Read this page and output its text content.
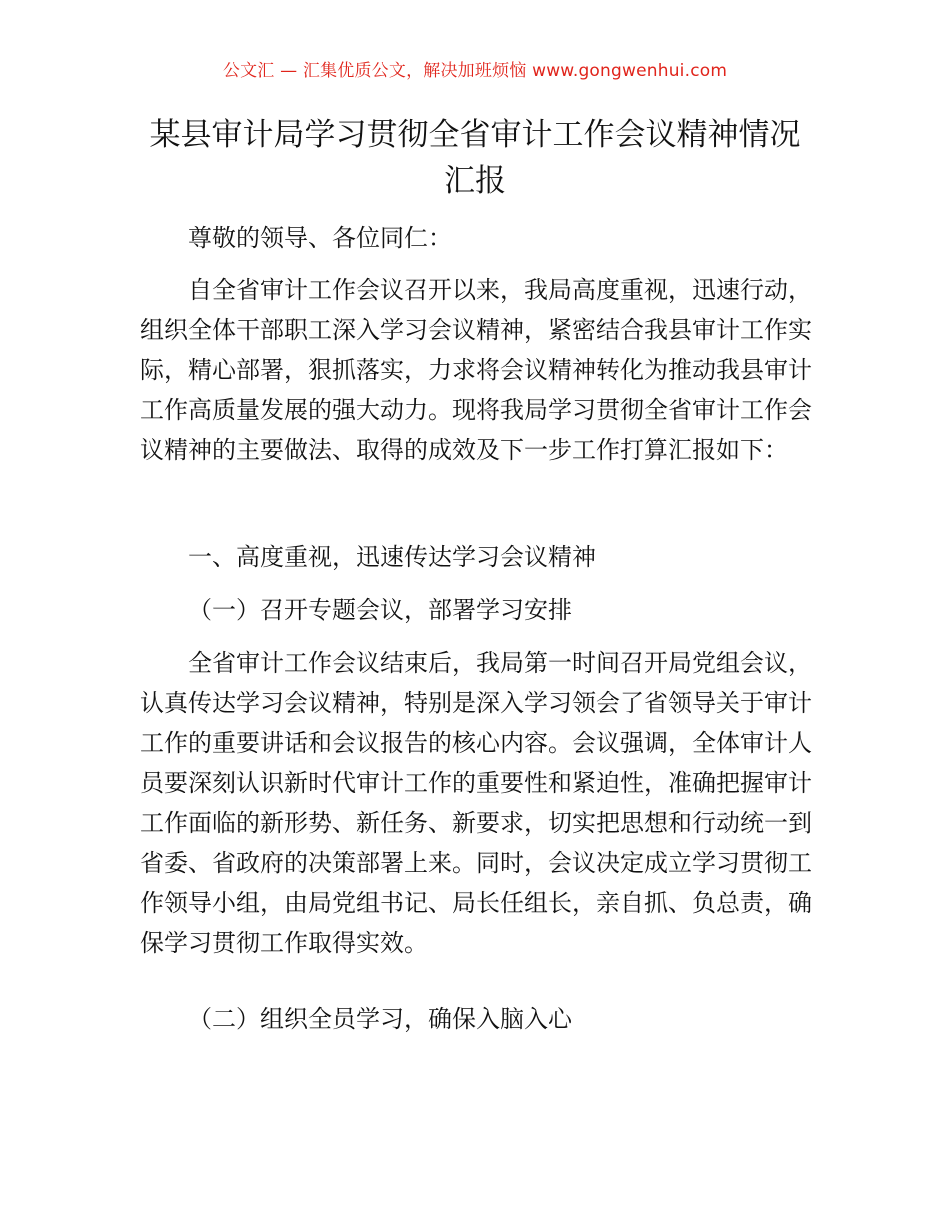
公文汇 — 汇集优质公文，解决加班烦恼 www.gongwenhui.com
某县审计局学习贯彻全省审计工作会议精神情况汇报

尊敬的领导、各位同仁：

自全省审计工作会议召开以来，我局高度重视，迅速行动，组织全体干部职工深入学习会议精神，紧密结合我县审计工作实际，精心部署，狠抓落实，力求将会议精神转化为推动我县审计工作高质量发展的强大动力。现将我局学习贯彻全省审计工作会议精神的主要做法、取得的成效及下一步工作打算汇报如下：

一、高度重视，迅速传达学习会议精神

（一）召开专题会议，部署学习安排

全省审计工作会议结束后，我局第一时间召开局党组会议，认真传达学习会议精神，特别是深入学习领会了省领导关于审计工作的重要讲话和会议报告的核心内容。会议强调，全体审计人员要深刻认识新时代审计工作的重要性和紧迫性，准确把握审计工作面临的新形势、新任务、新要求，切实把思想和行动统一到省委、省政府的决策部署上来。同时，会议决定成立学习贯彻工作领导小组，由局党组书记、局长任组长，亲自抓、负总责，确保学习贯彻工作取得实效。

（二）组织全员学习，确保入脑入心
